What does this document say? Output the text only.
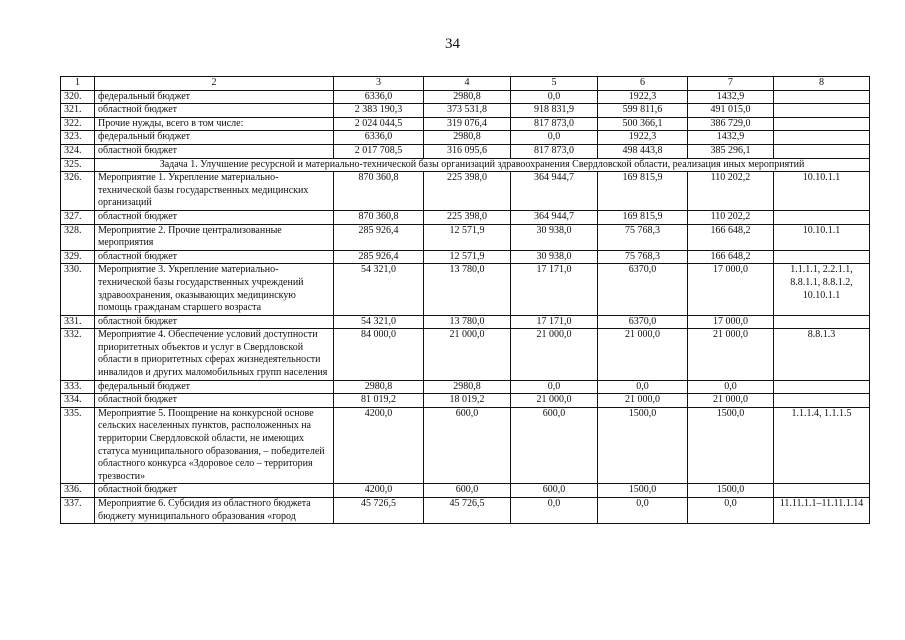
34
1	2	3	4	5	6	7	8
320.	федеральный бюджет	6336,0	2980,8	0,0	1922,3	1432,9	
321.	областной бюджет	2 383 190,3	373 531,8	918 831,9	599 811,6	491 015,0	
322.	Прочие нужды, всего в том числе:	2 024 044,5	319 076,4	817 873,0	500 366,1	386 729,0	
323.	федеральный бюджет	6336,0	2980,8	0,0	1922,3	1432,9	
324.	областной бюджет	2 017 708,5	316 095,6	817 873,0	498 443,8	385 296,1	
325.	Задача 1. Улучшение ресурсной и материально-технической базы организаций здравоохранения Свердловской области, реализация иных мероприятий						
326.	Мероприятие 1. Укрепление материально-технической базы государственных медицинских организаций	870 360,8	225 398,0	364 944,7	169 815,9	110 202,2	10.10.1.1
327.	областной бюджет	870 360,8	225 398,0	364 944,7	169 815,9	110 202,2	
328.	Мероприятие 2. Прочие централизованные мероприятия	285 926,4	12 571,9	30 938,0	75 768,3	166 648,2	10.10.1.1
329.	областной бюджет	285 926,4	12 571,9	30 938,0	75 768,3	166 648,2	
330.	Мероприятие 3. Укрепление материально-технической базы государственных учреждений здравоохранения, оказывающих медицинскую помощь гражданам старшего возраста	54 321,0	13 780,0	17 171,0	6370,0	17 000,0	1.1.1.1, 2.2.1.1, 8.8.1.1, 8.8.1.2, 10.10.1.1
331.	областной бюджет	54 321,0	13 780,0	17 171,0	6370,0	17 000,0	
332.	Мероприятие 4. Обеспечение условий доступности приоритетных объектов и услуг в Свердловской области в приоритетных сферах жизнедеятельности инвалидов и других маломобильных групп населения	84 000,0	21 000,0	21 000,0	21 000,0	21 000,0	8.8.1.3
333.	федеральный бюджет	2980,8	2980,8	0,0	0,0	0,0	
334.	областной бюджет	81 019,2	18 019,2	21 000,0	21 000,0	21 000,0	
335.	Мероприятие 5. Поощрение на конкурсной основе сельских населенных пунктов, расположенных на территории Свердловской области, не имеющих статуса муниципального образования, – победителей областного конкурса «Здоровое село – территория трезвости»	4200,0	600,0	600,0	1500,0	1500,0	1.1.1.4, 1.1.1.5
336.	областной бюджет	4200,0	600,0	600,0	1500,0	1500,0	
337.	Мероприятие 6. Субсидия из областного бюджета бюджету муниципального образования «город	45 726,5	45 726,5	0,0	0,0	0,0	11.11.1.1–11.11.1.14
